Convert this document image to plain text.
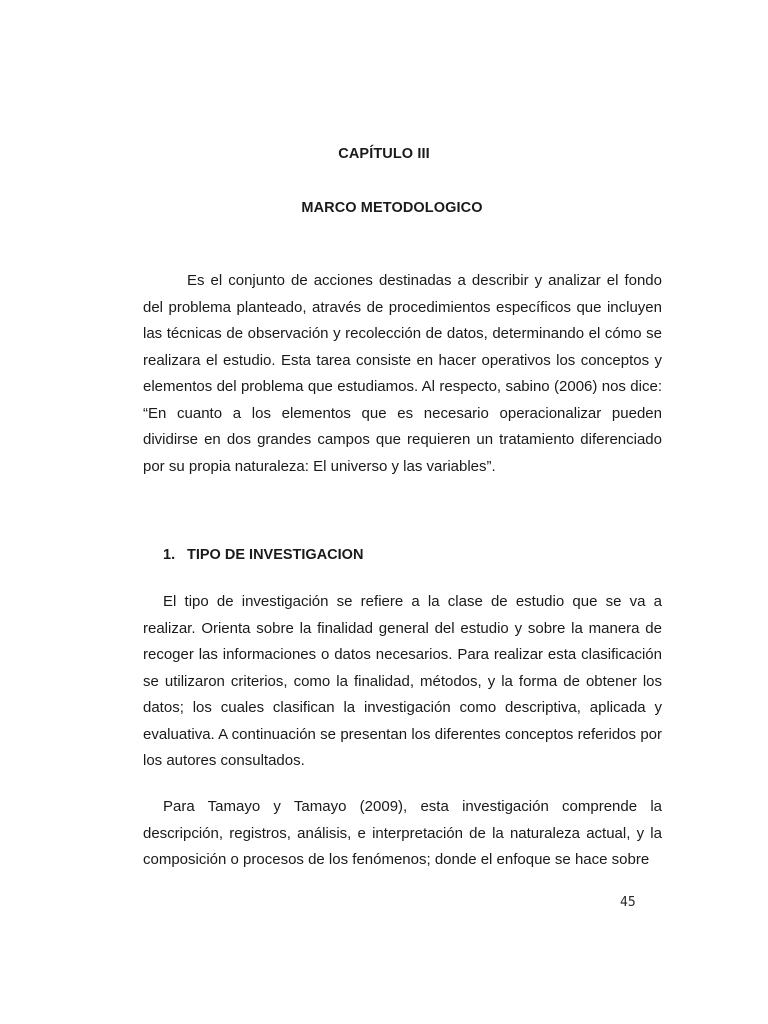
CAPÍTULO III
MARCO METODOLOGICO

Es el conjunto de acciones destinadas a describir y analizar el fondo del problema planteado, através de procedimientos específicos que incluyen las técnicas de observación y recolección de datos, determinando el cómo se realizara el estudio. Esta tarea consiste en hacer operativos los conceptos y elementos del problema que estudiamos. Al respecto, sabino (2006) nos dice: “En cuanto a los elementos que es necesario operacionalizar pueden dividirse en dos grandes campos que requieren un tratamiento diferenciado por su propia naturaleza: El universo y las variables”.

1. TIPO DE INVESTIGACION

El tipo de investigación se refiere a la clase de estudio que se va a realizar. Orienta sobre la finalidad general del estudio y sobre la manera de recoger las informaciones o datos necesarios. Para realizar esta clasificación se utilizaron criterios, como la finalidad, métodos, y la forma de obtener los datos; los cuales clasifican la investigación como descriptiva, aplicada y evaluativa. A continuación se presentan los diferentes conceptos referidos por los autores consultados.

Para Tamayo y Tamayo (2009), esta investigación comprende la descripción, registros, análisis, e interpretación de la naturaleza actual, y la composición o procesos de los fenómenos; donde el enfoque se hace sobre

45
